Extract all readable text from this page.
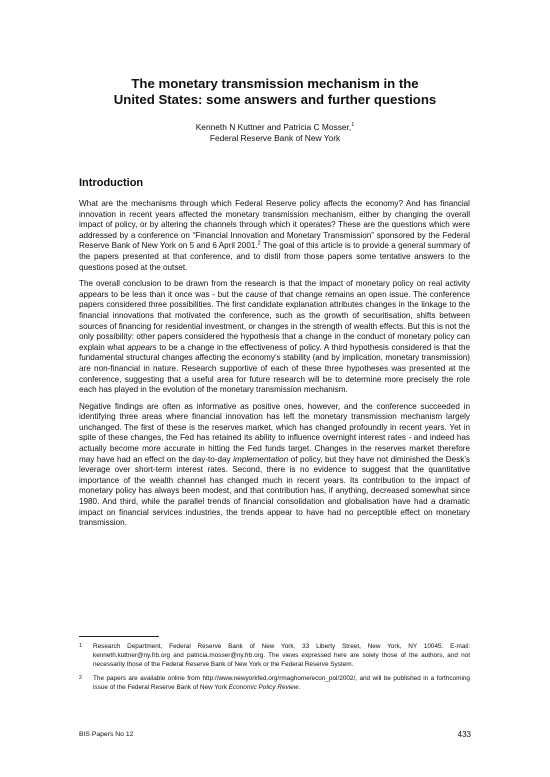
The monetary transmission mechanism in the
United States: some answers and further questions
Kenneth N Kuttner and Patricia C Mosser,$^1$
Federal Reserve Bank of New York
Introduction

What are the mechanisms through which Federal Reserve policy affects the economy? And has financial innovation in recent years affected the monetary transmission mechanism, either by changing the overall impact of policy, or by altering the channels through which it operates? These are the questions which were addressed by a conference on “Financial Innovation and Monetary Transmission” sponsored by the Federal Reserve Bank of New York on 5 and 6 April 2001.$^2$ The goal of this article is to provide a general summary of the papers presented at that conference, and to distil from those papers some tentative answers to the questions posed at the outset.

The overall conclusion to be drawn from the research is that the impact of monetary policy on real activity appears to be less than it once was - but the cause of that change remains an open issue. The conference papers considered three possibilities. The first candidate explanation attributes changes in the linkage to the financial innovations that motivated the conference, such as the growth of securitisation, shifts between sources of financing for residential investment, or changes in the strength of wealth effects. But this is not the only possibility: other papers considered the hypothesis that a change in the conduct of monetary policy can explain what appears to be a change in the effectiveness of policy. A third hypothesis considered is that the fundamental structural changes affecting the economy’s stability (and by implication, monetary transmission) are non-financial in nature. Research supportive of each of these three hypotheses was presented at the conference, suggesting that a useful area for future research will be to determine more precisely the role each has played in the evolution of the monetary transmission mechanism.

Negative findings are often as informative as positive ones, however, and the conference succeeded in identifying three areas where financial innovation has left the monetary transmission mechanism largely unchanged. The first of these is the reserves market, which has changed profoundly in recent years. Yet in spite of these changes, the Fed has retained its ability to influence overnight interest rates - and indeed has actually become more accurate in hitting the Fed funds target. Changes in the reserves market therefore may have had an effect on the day-to-day implementation of policy, but they have not diminished the Desk’s leverage over short-term interest rates. Second, there is no evidence to suggest that the quantitative importance of the wealth channel has changed much in recent years. Its contribution to the impact of monetary policy has always been modest, and that contribution has, if anything, decreased somewhat since 1980. And third, while the parallel trends of financial consolidation and globalisation have had a dramatic impact on financial services industries, the trends appear to have had no perceptible effect on monetary transmission.

1 Research Department, Federal Reserve Bank of New York, 33 Liberty Street, New York, NY 10045. E-mail: kenneth.kuttner@ny.frb.org and patricia.mosser@ny.frb.org. The views expressed here are solely those of the authors, and not necessarily those of the Federal Reserve Bank of New York or the Federal Reserve System.
2 The papers are available online from http://www.newyorkfed.org/rmaghome/econ_pol/2002/, and will be published in a forthcoming issue of the Federal Reserve Bank of New York Economic Policy Review.
BIS Papers No 12	433
